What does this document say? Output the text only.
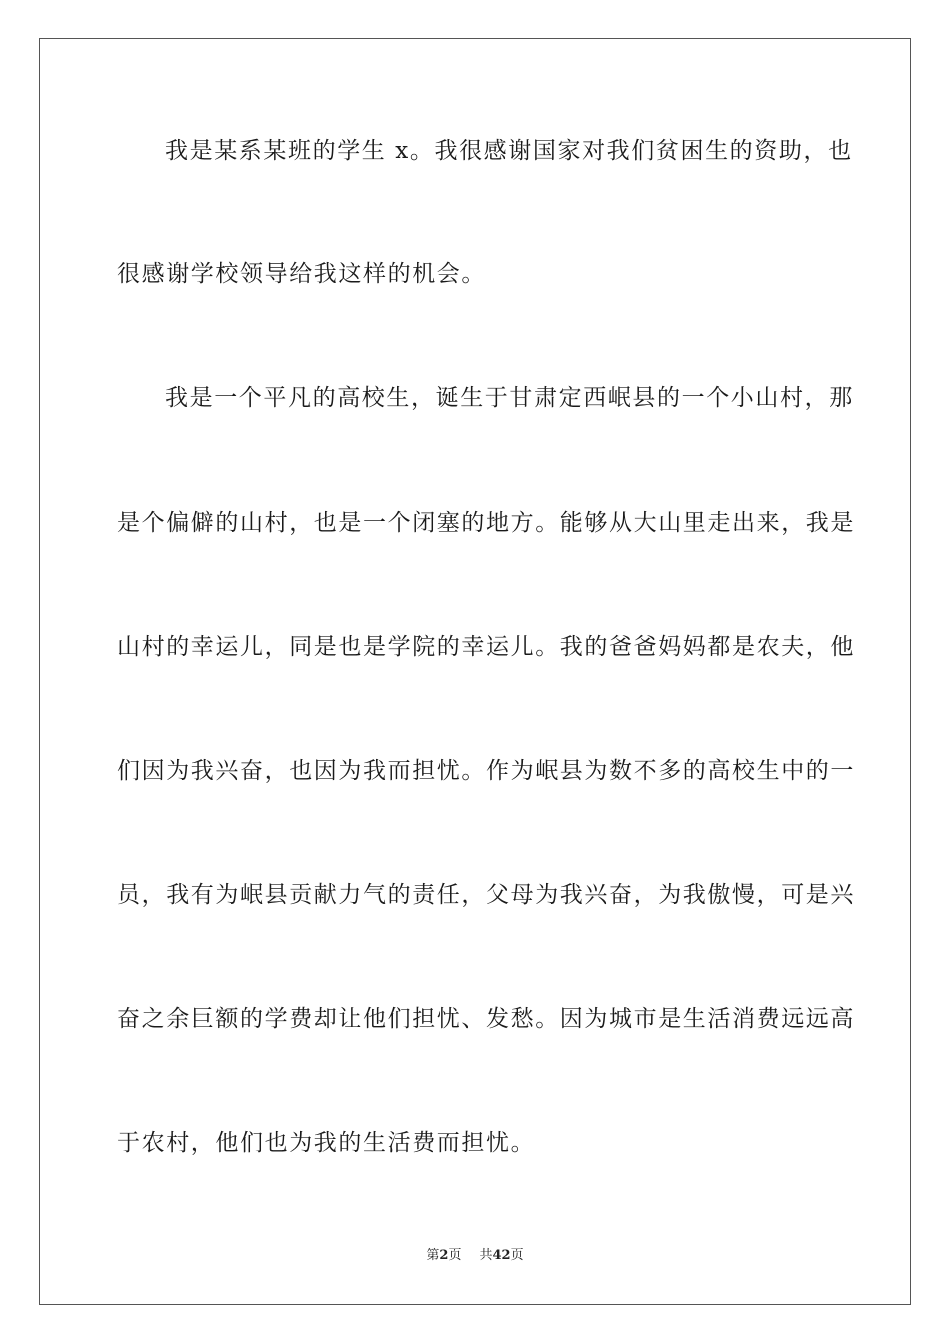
我是某系某班的学生 x。我很感谢国家对我们贫困生的资助，也
很感谢学校领导给我这样的机会。
我是一个平凡的高校生，诞生于甘肃定西岷县的一个小山村，那
是个偏僻的山村，也是一个闭塞的地方。能够从大山里走出来，我是
山村的幸运儿，同是也是学院的幸运儿。我的爸爸妈妈都是农夫，他
们因为我兴奋，也因为我而担忧。作为岷县为数不多的高校生中的一
员，我有为岷县贡献力气的责任，父母为我兴奋，为我傲慢，可是兴
奋之余巨额的学费却让他们担忧、发愁。因为城市是生活消费远远高
于农村，他们也为我的生活费而担忧。
第2页 共42页
